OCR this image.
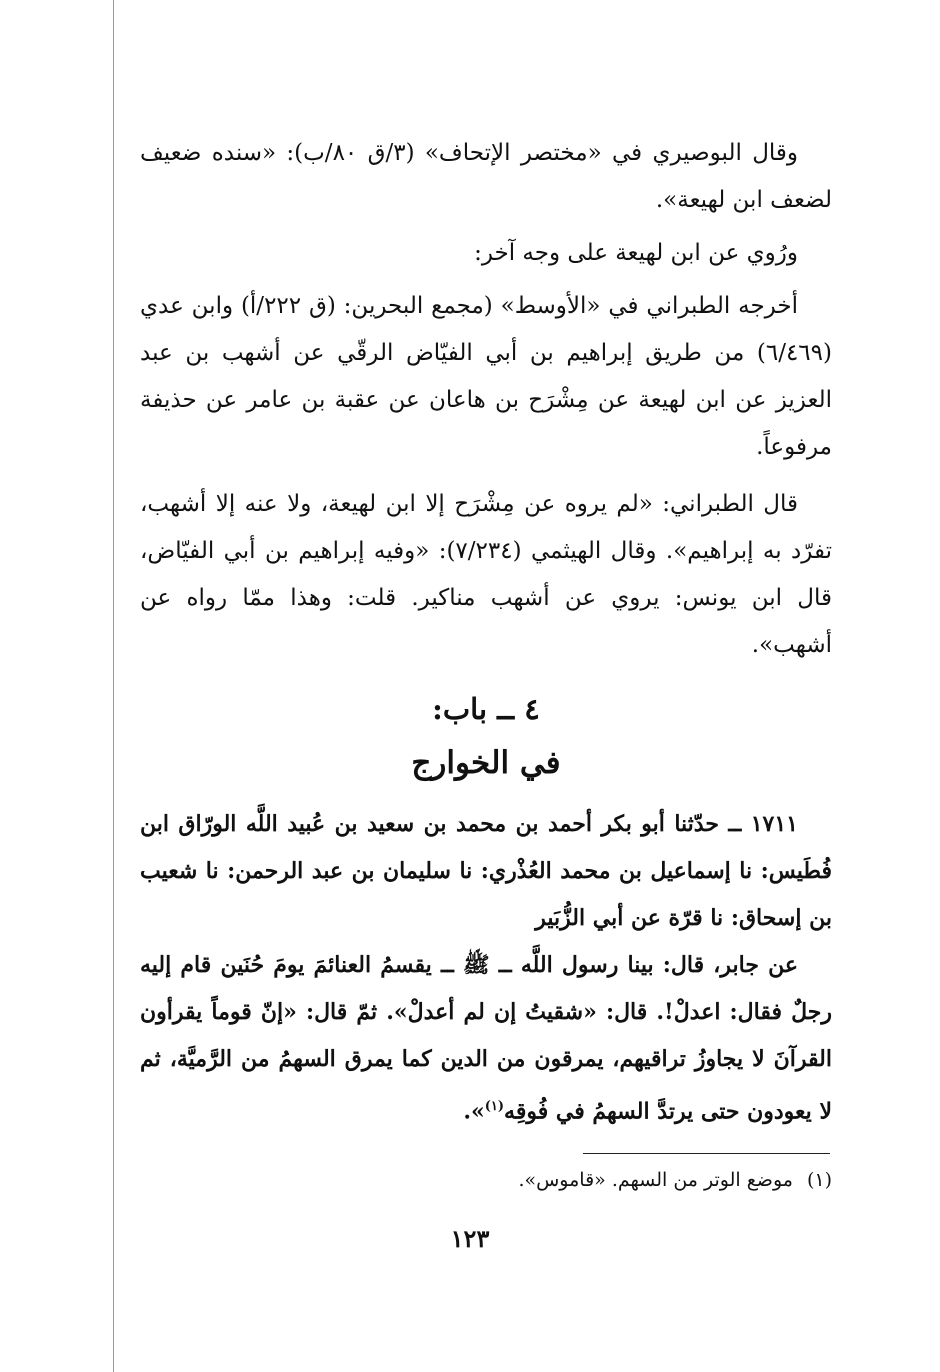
وقال البوصيري في «مختصر الإتحاف» (٣/ق ٨٠/ب): «سنده ضعيف لضعف ابن لهيعة».

ورُوي عن ابن لهيعة على وجه آخر:

أخرجه الطبراني في «الأوسط» (مجمع البحرين: (ق ٢٢٢/أ) وابن عدي (٦/٤٦٩) من طريق إبراهيم بن أبي الفيّاض الرقّي عن أشهب بن عبد العزيز عن ابن لهيعة عن مِشْرَح بن هاعان عن عقبة بن عامر عن حذيفة مرفوعاً.

قال الطبراني: «لم يروه عن مِشْرَح إلا ابن لهيعة، ولا عنه إلا أشهب، تفرّد به إبراهيم». وقال الهيثمي (٧/٢٣٤): «وفيه إبراهيم بن أبي الفيّاض، قال ابن يونس: يروي عن أشهب مناكير. قلت: وهذا ممّا رواه عن أشهب».

٤ ــ باب:
في الخوارج

١٧١١ ــ حدّثنا أبو بكر أحمد بن محمد بن سعيد بن عُبيد اللَّه الورّاق ابن فُطَيس: نا إسماعيل بن محمد العُذْري: نا سليمان بن عبد الرحمن: نا شعيب بن إسحاق: نا قرّة عن أبي الزُّبَير

عن جابر، قال: بينا رسول اللَّه ــ ﷺ ــ يقسمُ العنائمَ يومَ حُنَين قام إليه رجلٌ فقال: اعدلْ!. قال: «شقيتُ إن لم أعدلْ». ثمّ قال: «إنّ قوماً يقرأون القرآنَ لا يجاوزُ تراقيهم، يمرقون من الدين كما يمرق السهمُ من الرَّميَّة، ثم لا يعودون حتى يرتدَّ السهمُ في فُوقِه$^{(١)}$».

(١)موضع الوتر من السهم. «قاموس».
١٢٣
